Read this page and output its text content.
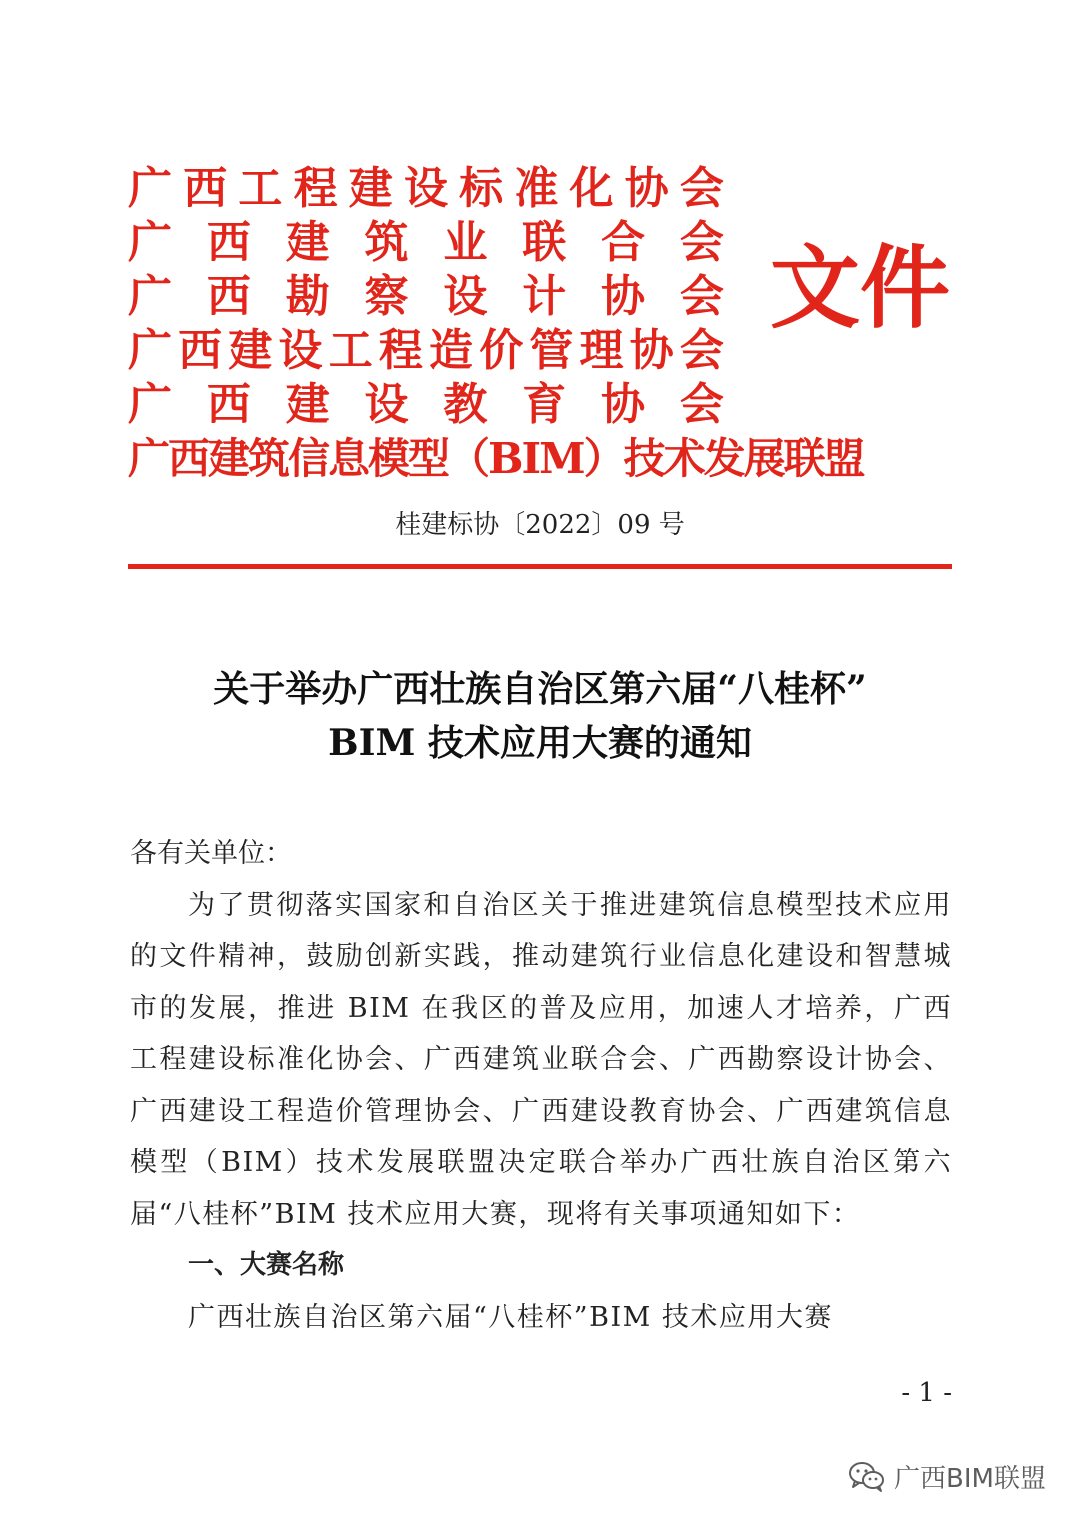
广 西 工 程 建 设 标 准 化 协 会
广 西 建 筑 业 联 合 会
广 西 勘 察 设 计 协 会
广 西 建 设 工 程 造 价 管 理 协 会
广 西 建 设 教 育 协 会
广西建筑信息模型（BIM）技术发展联盟
文件
桂建标协〔2022〕09 号
关于举办广西壮族自治区第六届“八桂杯”
BIM 技术应用大赛的通知

各有关单位：

为了贯彻落实国家和自治区关于推进建筑信息模型技术应用的文件精神，鼓励创新实践，推动建筑行业信息化建设和智慧城市的发展，推进 BIM 在我区的普及应用，加速人才培养，广西工程建设标准化协会、广西建筑业联合会、广西勘察设计协会、广西建设工程造价管理协会、广西建设教育协会、广西建筑信息模型（BIM）技术发展联盟决定联合举办广西壮族自治区第六届“八桂杯”BIM 技术应用大赛，现将有关事项通知如下：

一、大赛名称

广西壮族自治区第六届“八桂杯”BIM 技术应用大赛

- 1 -
广西BIM联盟
